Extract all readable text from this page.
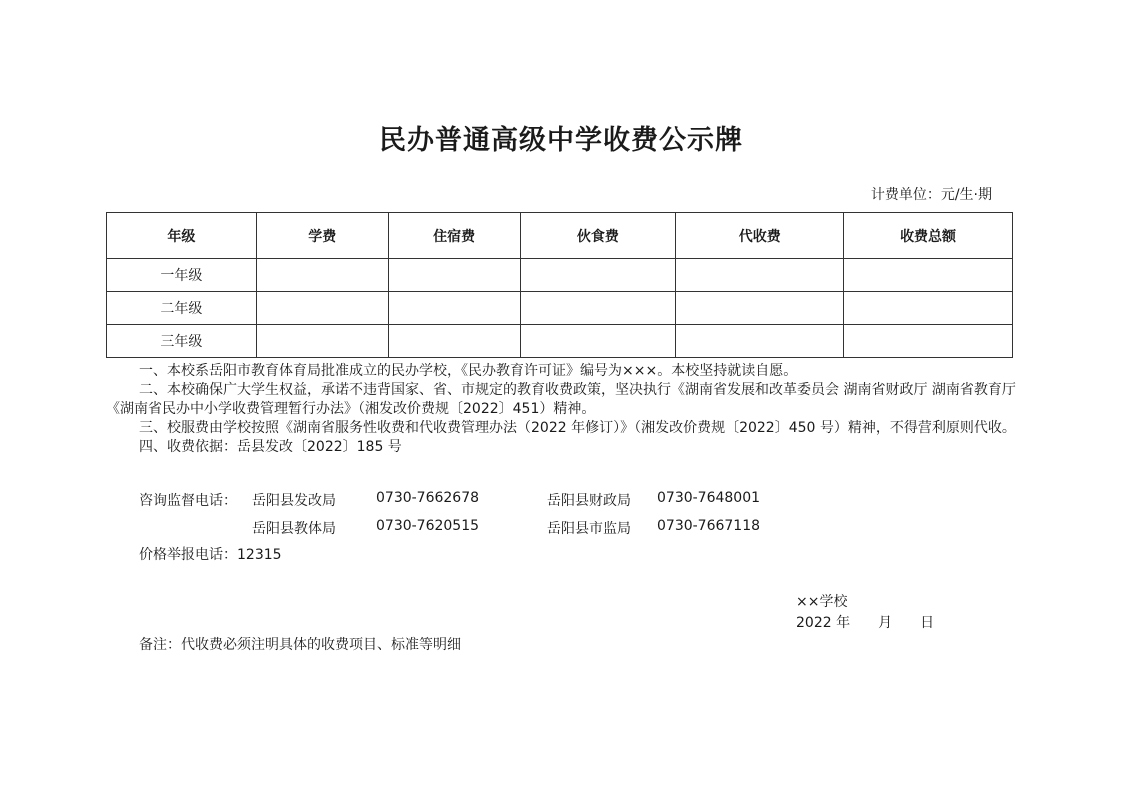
民办普通高级中学收费公示牌
计费单位：元/生·期
年级	学费	住宿费	伙食费	代收费	收费总额
一年级					
二年级					
三年级					

一、本校系岳阳市教育体育局批准成立的民办学校，《民办教育许可证》编号为×××。本校坚持就读自愿。

二、本校确保广大学生权益，承诺不违背国家、省、市规定的教育收费政策，坚决执行《湖南省发展和改革委员会 湖南省财政厅 湖南省教育厅《湖南省民办中小学收费管理暂行办法》（湘发改价费规〔2022〕451）精神。

三、校服费由学校按照《湖南省服务性收费和代收费管理办法（2022 年修订）》（湘发改价费规〔2022〕450 号）精神，不得营利原则代收。

四、收费依据：岳县发改〔2022〕185 号

咨询监督电话： 岳阳县发改局	0730-7662678	岳阳县财政局 0730-7648001
岳阳县教体局	0730-7620515	岳阳县市监局 0730-7667118
价格举报电话：12315
××学校
2022 年　　月　　日
备注：代收费必须注明具体的收费项目、标准等明细
